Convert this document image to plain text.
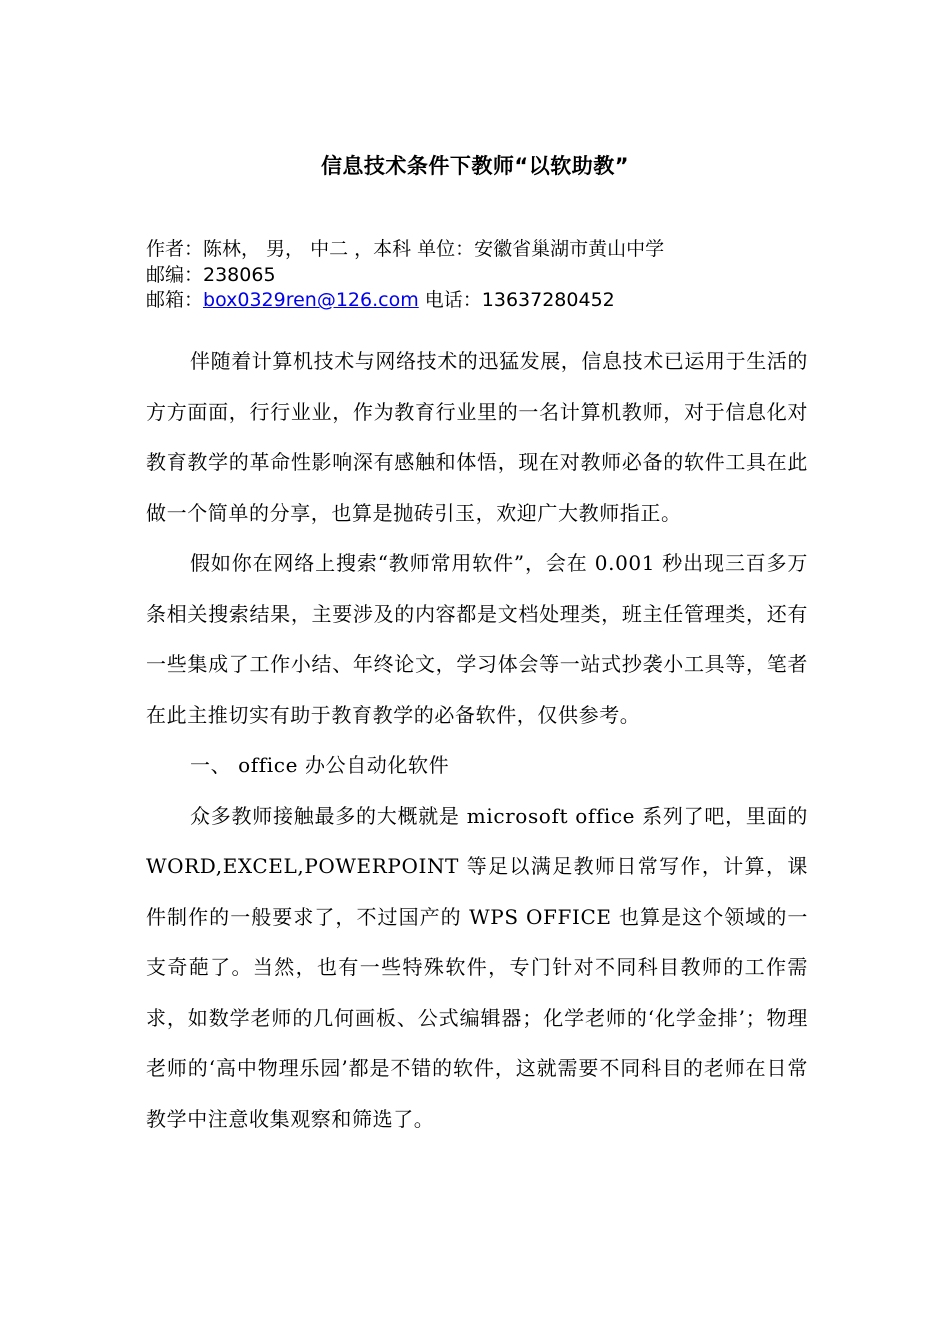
信息技术条件下教师“以软助教”
作者：陈林， 男， 中二 ，本科 单位：安徽省巢湖市黄山中学
邮编：238065
邮箱：box0329ren@126.com 电话：13637280452

伴随着计算机技术与网络技术的迅猛发展，信息技术已运用于生活的方方面面，行行业业，作为教育行业里的一名计算机教师，对于信息化对教育教学的革命性影响深有感触和体悟，现在对教师必备的软件工具在此做一个简单的分享，也算是抛砖引玉，欢迎广大教师指正。

假如你在网络上搜索“教师常用软件”，会在 0.001 秒出现三百多万条相关搜索结果，主要涉及的内容都是文档处理类，班主任管理类，还有一些集成了工作小结、年终论文，学习体会等一站式抄袭小工具等，笔者在此主推切实有助于教育教学的必备软件，仅供参考。

一、 office 办公自动化软件

众多教师接触最多的大概就是 microsoft office 系列了吧，里面的 WORD,EXCEL,POWERPOINT 等足以满足教师日常写作，计算，课件制作的一般要求了，不过国产的 WPS OFFICE 也算是这个领域的一支奇葩了。当然，也有一些特殊软件，专门针对不同科目教师的工作需求，如数学老师的几何画板、公式编辑器；化学老师的‘化学金排’；物理老师的‘高中物理乐园’都是不错的软件，这就需要不同科目的老师在日常教学中注意收集观察和筛选了。
